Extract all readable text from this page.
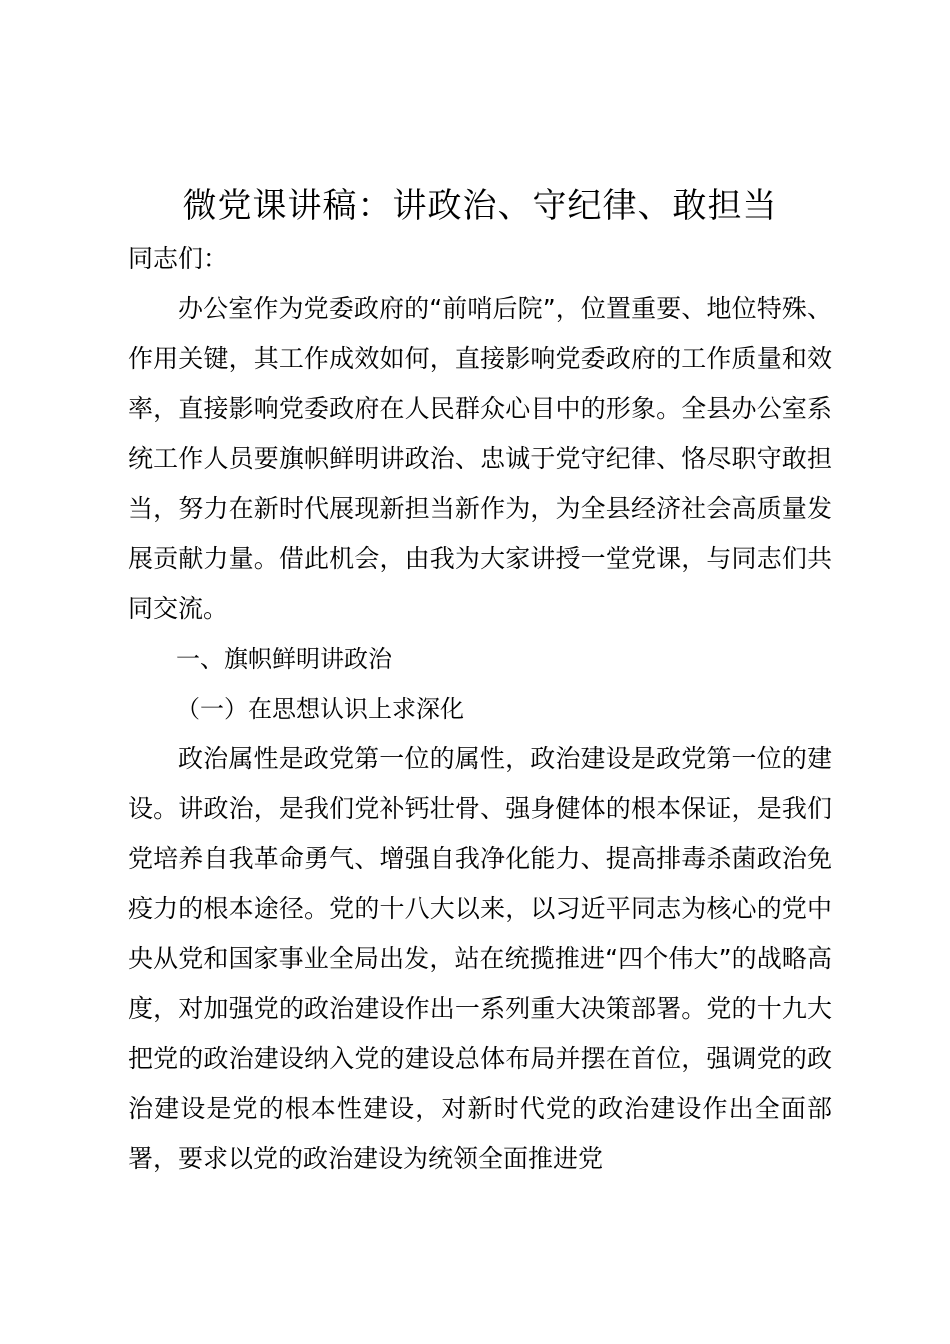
微党课讲稿：讲政治、守纪律、敢担当

同志们：

办公室作为党委政府的“前哨后院”，位置重要、地位特殊、作用关键，其工作成效如何，直接影响党委政府的工作质量和效率，直接影响党委政府在人民群众心目中的形象。全县办公室系统工作人员要旗帜鲜明讲政治、忠诚于党守纪律、恪尽职守敢担当，努力在新时代展现新担当新作为，为全县经济社会高质量发展贡献力量。借此机会，由我为大家讲授一堂党课，与同志们共同交流。

一、旗帜鲜明讲政治

（一）在思想认识上求深化

政治属性是政党第一位的属性，政治建设是政党第一位的建设。讲政治，是我们党补钙壮骨、强身健体的根本保证，是我们党培养自我革命勇气、增强自我净化能力、提高排毒杀菌政治免疫力的根本途径。党的十八大以来，以习近平同志为核心的党中央从党和国家事业全局出发，站在统揽推进“四个伟大”的战略高度，对加强党的政治建设作出一系列重大决策部署。党的十九大把党的政治建设纳入党的建设总体布局并摆在首位，强调党的政治建设是党的根本性建设，对新时代党的政治建设作出全面部署，要求以党的政治建设为统领全面推进党
